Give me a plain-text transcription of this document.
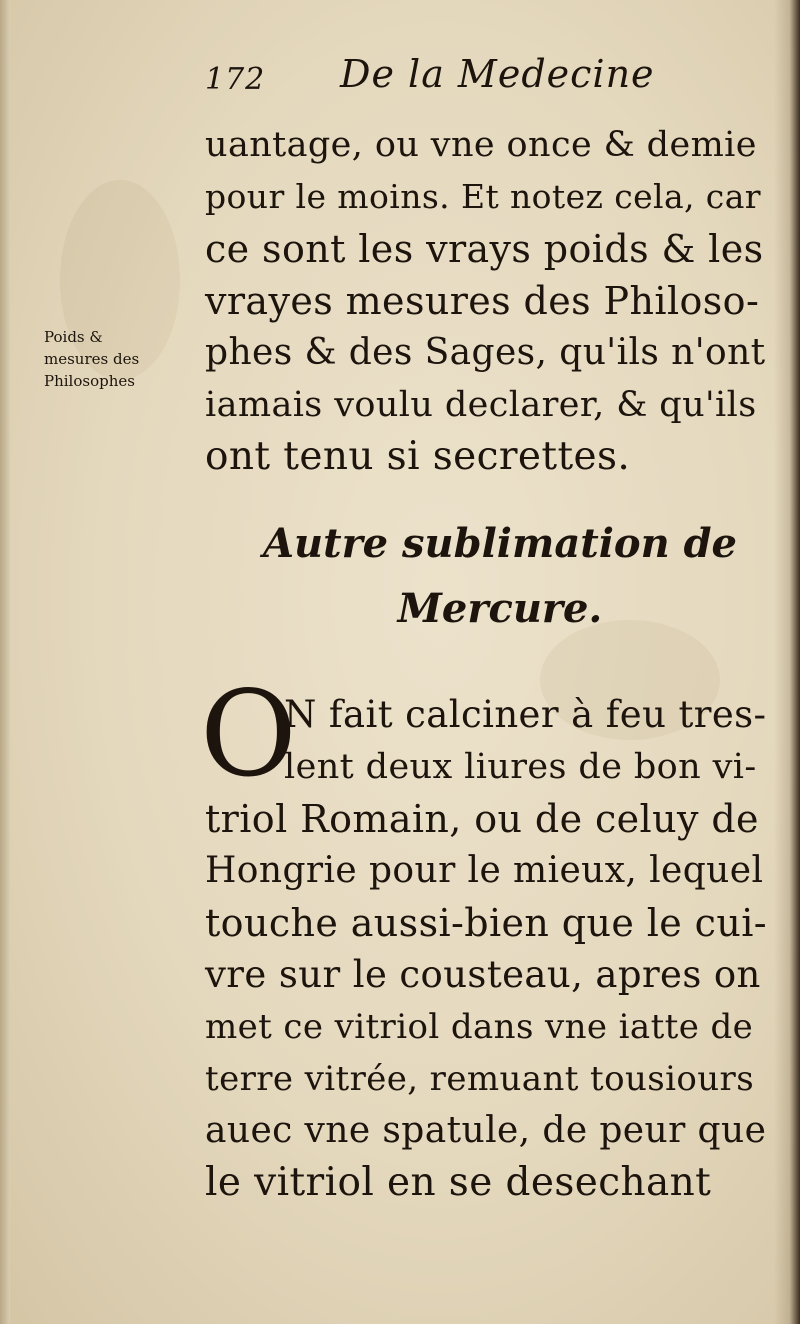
172 De la Medecine
uantage, ou vne once & demie
pour le moins. Et notez cela, car
ce sont les vrays poids & les
vrayes mesures des Philoso-
phes & des Sages, qu'ils n'ont
iamais voulu declarer, & qu'ils
ont tenu si secrettes.
Poids &
mesures des
Philosophes
Autre sublimation de
Mercure.
O
N fait calciner à feu tres-
lent deux liures de bon vi-
triol Romain, ou de celuy de
Hongrie pour le mieux, lequel
touche aussi-bien que le cui-
vre sur le cousteau, apres on
met ce vitriol dans vne iatte de
terre vitrée, remuant tousiours
auec vne spatule, de peur que
le vitriol en se desechant
